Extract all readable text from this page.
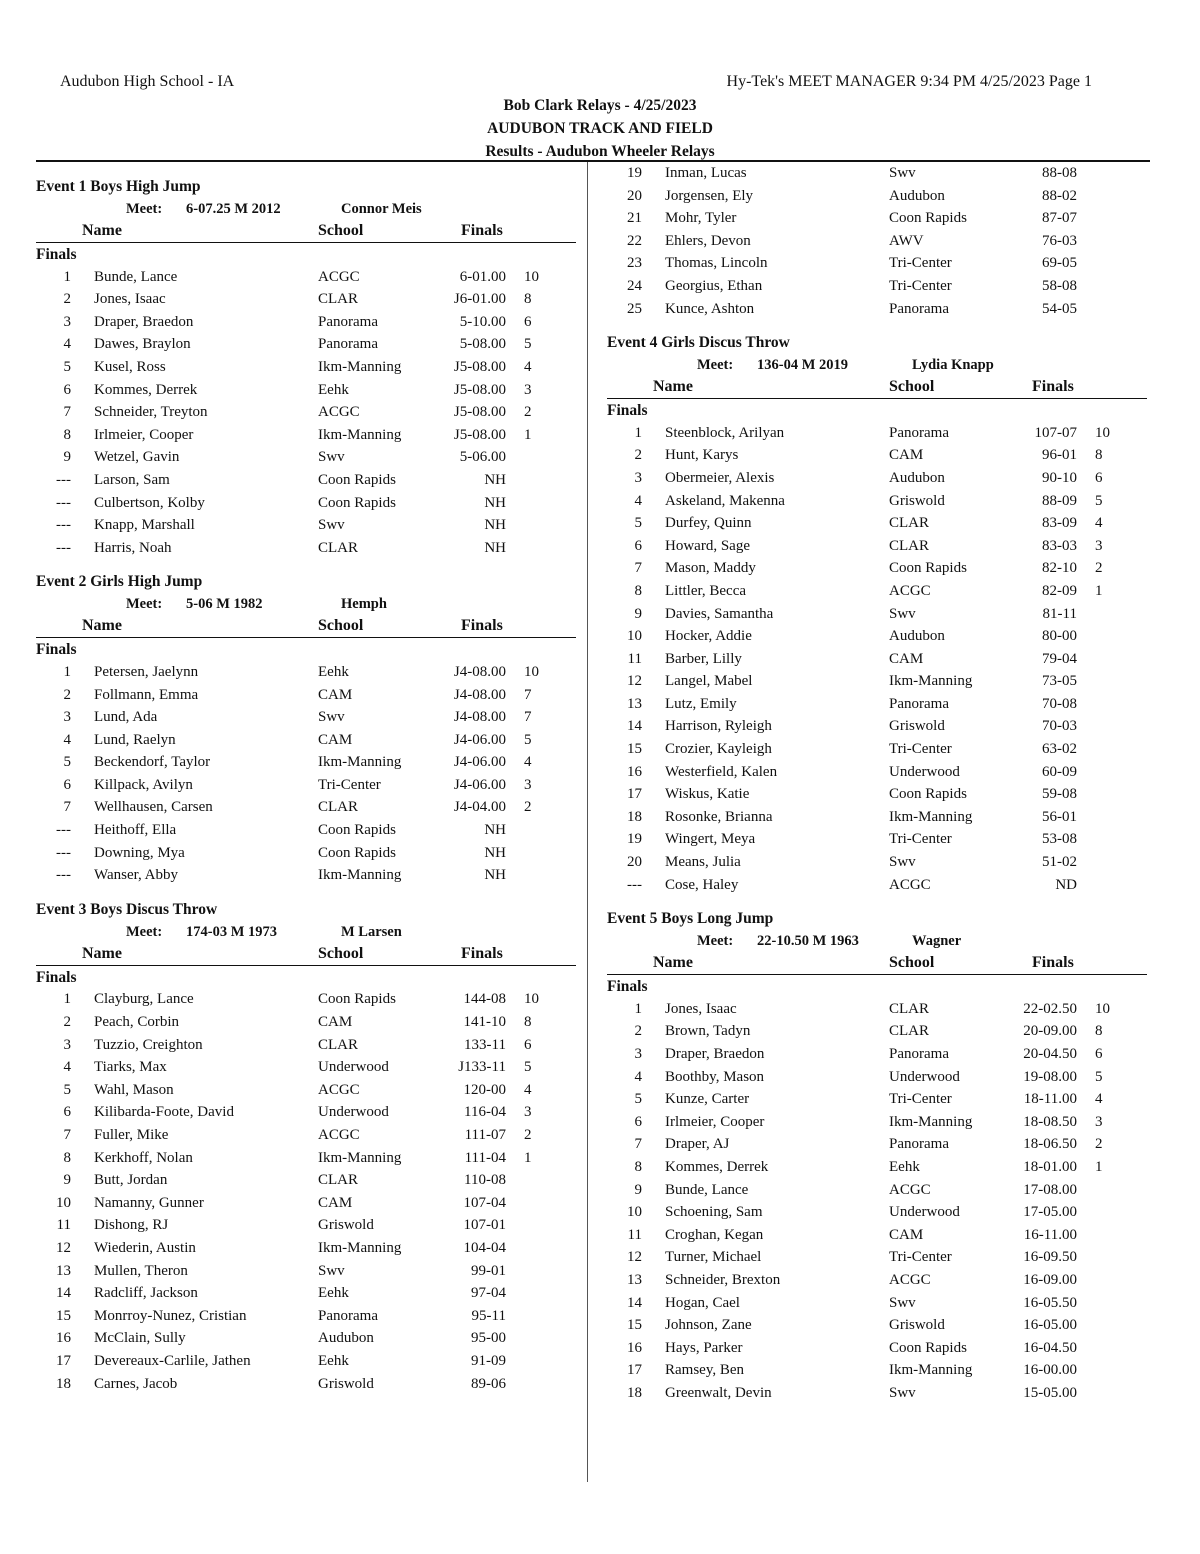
Audubon High School - IA	Hy-Tek's MEET MANAGER 9:34 PM 4/25/2023 Page 1
Bob Clark Relays - 4/25/2023
AUDUBON TRACK AND FIELD
Results - Audubon Wheeler Relays
Event 1 Boys High Jump
Meet: 6-07.25 M 2012	Connor Meis
Name	School	Finals
Finals
1 Bunde, Lance	ACGC	6-01.00 10
2 Jones, Isaac	CLAR	J6-01.00 8
3 Draper, Braedon	Panorama	5-10.00 6
4 Dawes, Braylon	Panorama	5-08.00 5
5 Kusel, Ross	Ikm-Manning	J5-08.00 4
6 Kommes, Derrek	Eehk	J5-08.00 3
7 Schneider, Treyton	ACGC	J5-08.00 2
8 Irlmeier, Cooper	Ikm-Manning	J5-08.00 1
9 Wetzel, Gavin	Swv	5-06.00
--- Larson, Sam	Coon Rapids	NH
--- Culbertson, Kolby	Coon Rapids	NH
--- Knapp, Marshall	Swv	NH
--- Harris, Noah	CLAR	NH
Event 2 Girls High Jump
Meet: 5-06 M 1982	Hemph
Name	School	Finals
Finals
1 Petersen, Jaelynn	Eehk	J4-08.00 10
2 Follmann, Emma	CAM	J4-08.00 7
3 Lund, Ada	Swv	J4-08.00 7
4 Lund, Raelyn	CAM	J4-06.00 5
5 Beckendorf, Taylor	Ikm-Manning	J4-06.00 4
6 Killpack, Avilyn	Tri-Center	J4-06.00 3
7 Wellhausen, Carsen	CLAR	J4-04.00 2
--- Heithoff, Ella	Coon Rapids	NH
--- Downing, Mya	Coon Rapids	NH
--- Wanser, Abby	Ikm-Manning	NH
Event 3 Boys Discus Throw
Meet: 174-03 M 1973	M Larsen
Name	School	Finals
Finals
1 Clayburg, Lance	Coon Rapids	144-08 10
2 Peach, Corbin	CAM	141-10 8
3 Tuzzio, Creighton	CLAR	133-11 6
4 Tiarks, Max	Underwood	J133-11 5
5 Wahl, Mason	ACGC	120-00 4
6 Kilibarda-Foote, David	Underwood	116-04 3
7 Fuller, Mike	ACGC	111-07 2
8 Kerkhoff, Nolan	Ikm-Manning	111-04 1
9 Butt, Jordan	CLAR	110-08
10 Namanny, Gunner	CAM	107-04
11 Dishong, RJ	Griswold	107-01
12 Wiederin, Austin	Ikm-Manning	104-04
13 Mullen, Theron	Swv	99-01
14 Radcliff, Jackson	Eehk	97-04
15 Monrroy-Nunez, Cristian	Panorama	95-11
16 McClain, Sully	Audubon	95-00
17 Devereaux-Carlile, Jathen	Eehk	91-09
18 Carnes, Jacob	Griswold	89-06
19 Inman, Lucas	Swv	88-08
20 Jorgensen, Ely	Audubon	88-02
21 Mohr, Tyler	Coon Rapids	87-07
22 Ehlers, Devon	AWV	76-03
23 Thomas, Lincoln	Tri-Center	69-05
24 Georgius, Ethan	Tri-Center	58-08
25 Kunce, Ashton	Panorama	54-05
Event 4 Girls Discus Throw
Meet: 136-04 M 2019	Lydia Knapp
Name	School	Finals
Finals
1 Steenblock, Arilyan	Panorama	107-07 10
2 Hunt, Karys	CAM	96-01 8
3 Obermeier, Alexis	Audubon	90-10 6
4 Askeland, Makenna	Griswold	88-09 5
5 Durfey, Quinn	CLAR	83-09 4
6 Howard, Sage	CLAR	83-03 3
7 Mason, Maddy	Coon Rapids	82-10 2
8 Littler, Becca	ACGC	82-09 1
9 Davies, Samantha	Swv	81-11
10 Hocker, Addie	Audubon	80-00
11 Barber, Lilly	CAM	79-04
12 Langel, Mabel	Ikm-Manning	73-05
13 Lutz, Emily	Panorama	70-08
14 Harrison, Ryleigh	Griswold	70-03
15 Crozier, Kayleigh	Tri-Center	63-02
16 Westerfield, Kalen	Underwood	60-09
17 Wiskus, Katie	Coon Rapids	59-08
18 Rosonke, Brianna	Ikm-Manning	56-01
19 Wingert, Meya	Tri-Center	53-08
20 Means, Julia	Swv	51-02
--- Cose, Haley	ACGC	ND
Event 5 Boys Long Jump
Meet: 22-10.50 M 1963	Wagner
Name	School	Finals
Finals
1 Jones, Isaac	CLAR	22-02.50 10
2 Brown, Tadyn	CLAR	20-09.00 8
3 Draper, Braedon	Panorama	20-04.50 6
4 Boothby, Mason	Underwood	19-08.00 5
5 Kunze, Carter	Tri-Center	18-11.00 4
6 Irlmeier, Cooper	Ikm-Manning	18-08.50 3
7 Draper, AJ	Panorama	18-06.50 2
8 Kommes, Derrek	Eehk	18-01.00 1
9 Bunde, Lance	ACGC	17-08.00
10 Schoening, Sam	Underwood	17-05.00
11 Croghan, Kegan	CAM	16-11.00
12 Turner, Michael	Tri-Center	16-09.50
13 Schneider, Brexton	ACGC	16-09.00
14 Hogan, Cael	Swv	16-05.50
15 Johnson, Zane	Griswold	16-05.00
16 Hays, Parker	Coon Rapids	16-04.50
17 Ramsey, Ben	Ikm-Manning	16-00.00
18 Greenwalt, Devin	Swv	15-05.00
